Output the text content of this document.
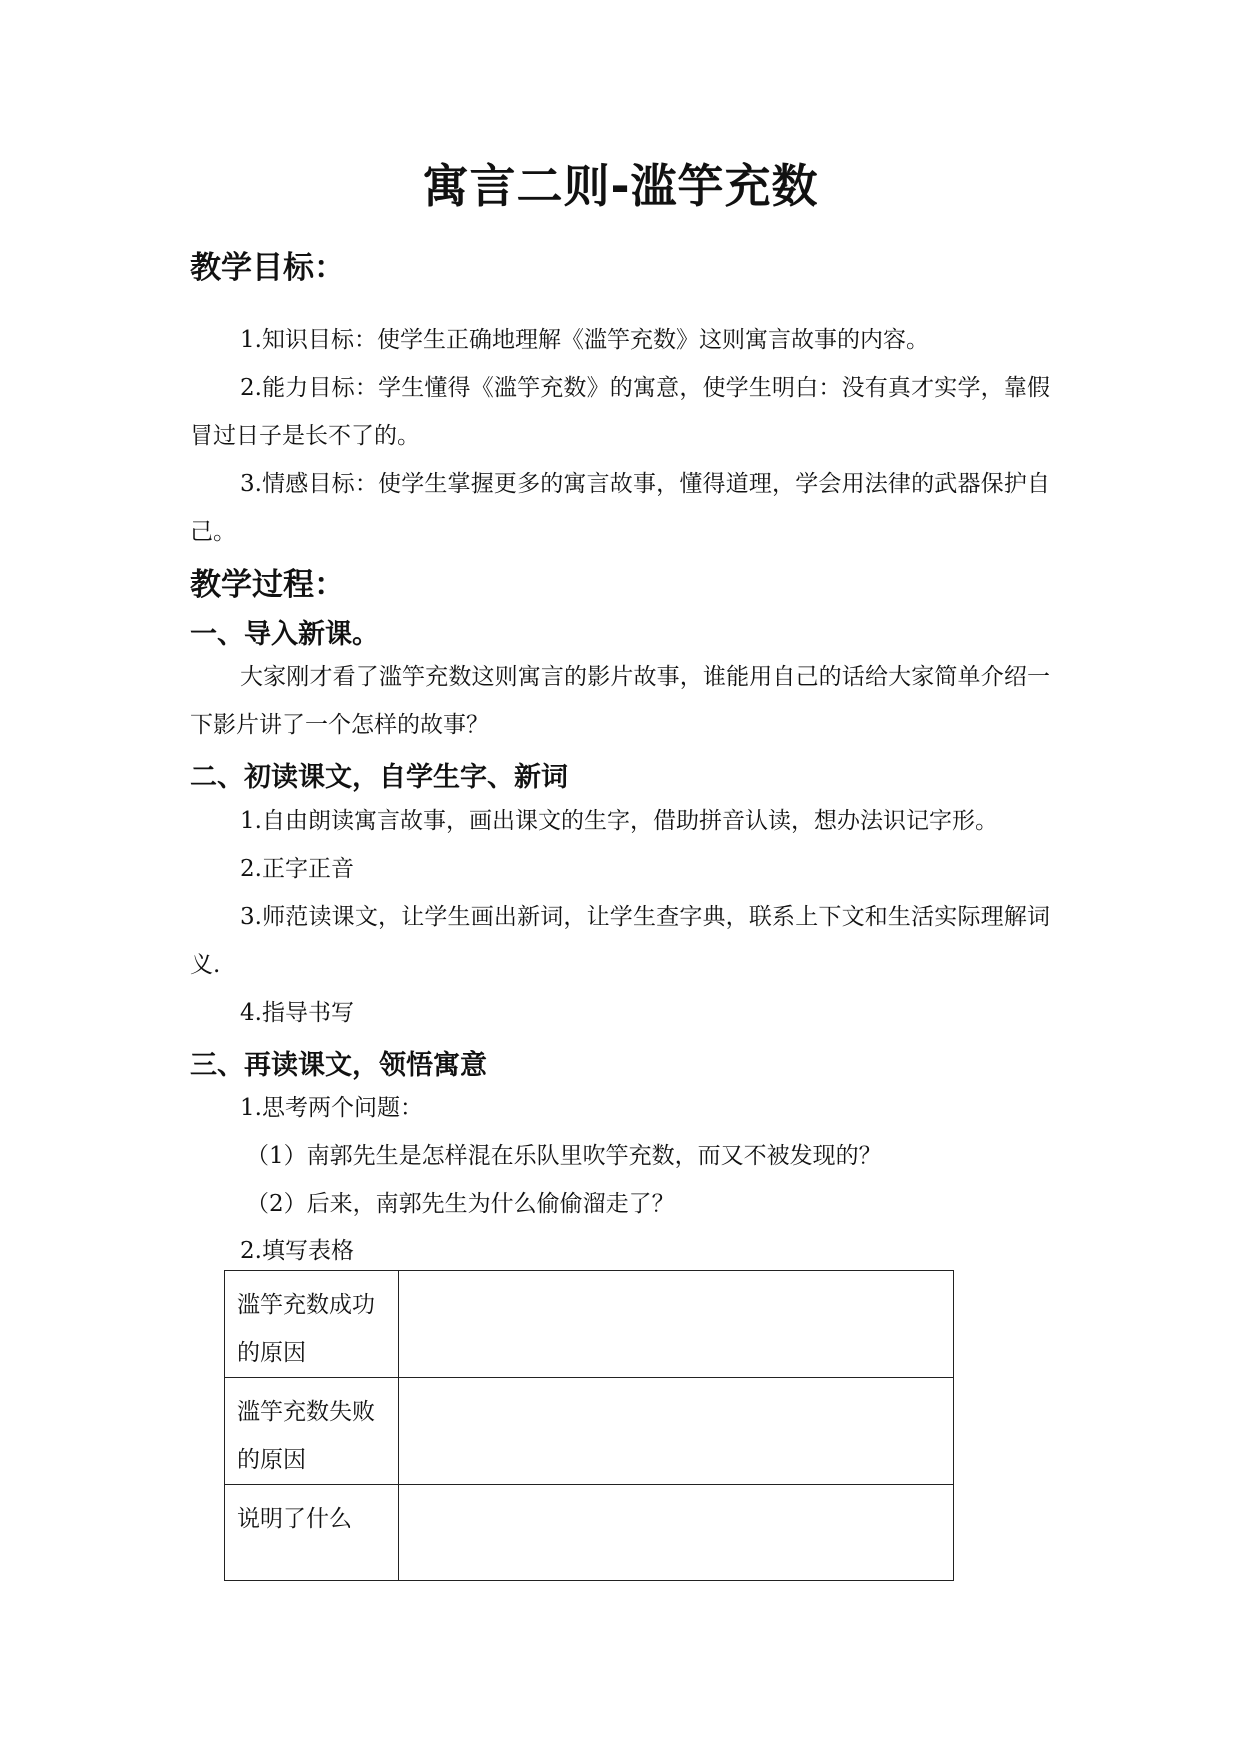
寓言二则-滥竽充数
教学目标：

1.知识目标：使学生正确地理解《滥竽充数》这则寓言故事的内容。

2.能力目标：学生懂得《滥竽充数》的寓意，使学生明白：没有真才实学，靠假冒过日子是长不了的。

3.情感目标：使学生掌握更多的寓言故事，懂得道理，学会用法律的武器保护自己。

教学过程：
一、导入新课。

大家刚才看了滥竽充数这则寓言的影片故事，谁能用自己的话给大家简单介绍一下影片讲了一个怎样的故事？

二、初读课文，自学生字、新词

1.自由朗读寓言故事，画出课文的生字，借助拼音认读，想办法识记字形。

2.正字正音

3.师范读课文，让学生画出新词，让学生查字典，联系上下文和生活实际理解词义.

4.指导书写

三、再读课文，领悟寓意

1.思考两个问题：

（1）南郭先生是怎样混在乐队里吹竽充数，而又不被发现的？

（2）后来，南郭先生为什么偷偷溜走了？

2.填写表格

滥竽充数成功的原因	
滥竽充数失败的原因	
说明了什么	
